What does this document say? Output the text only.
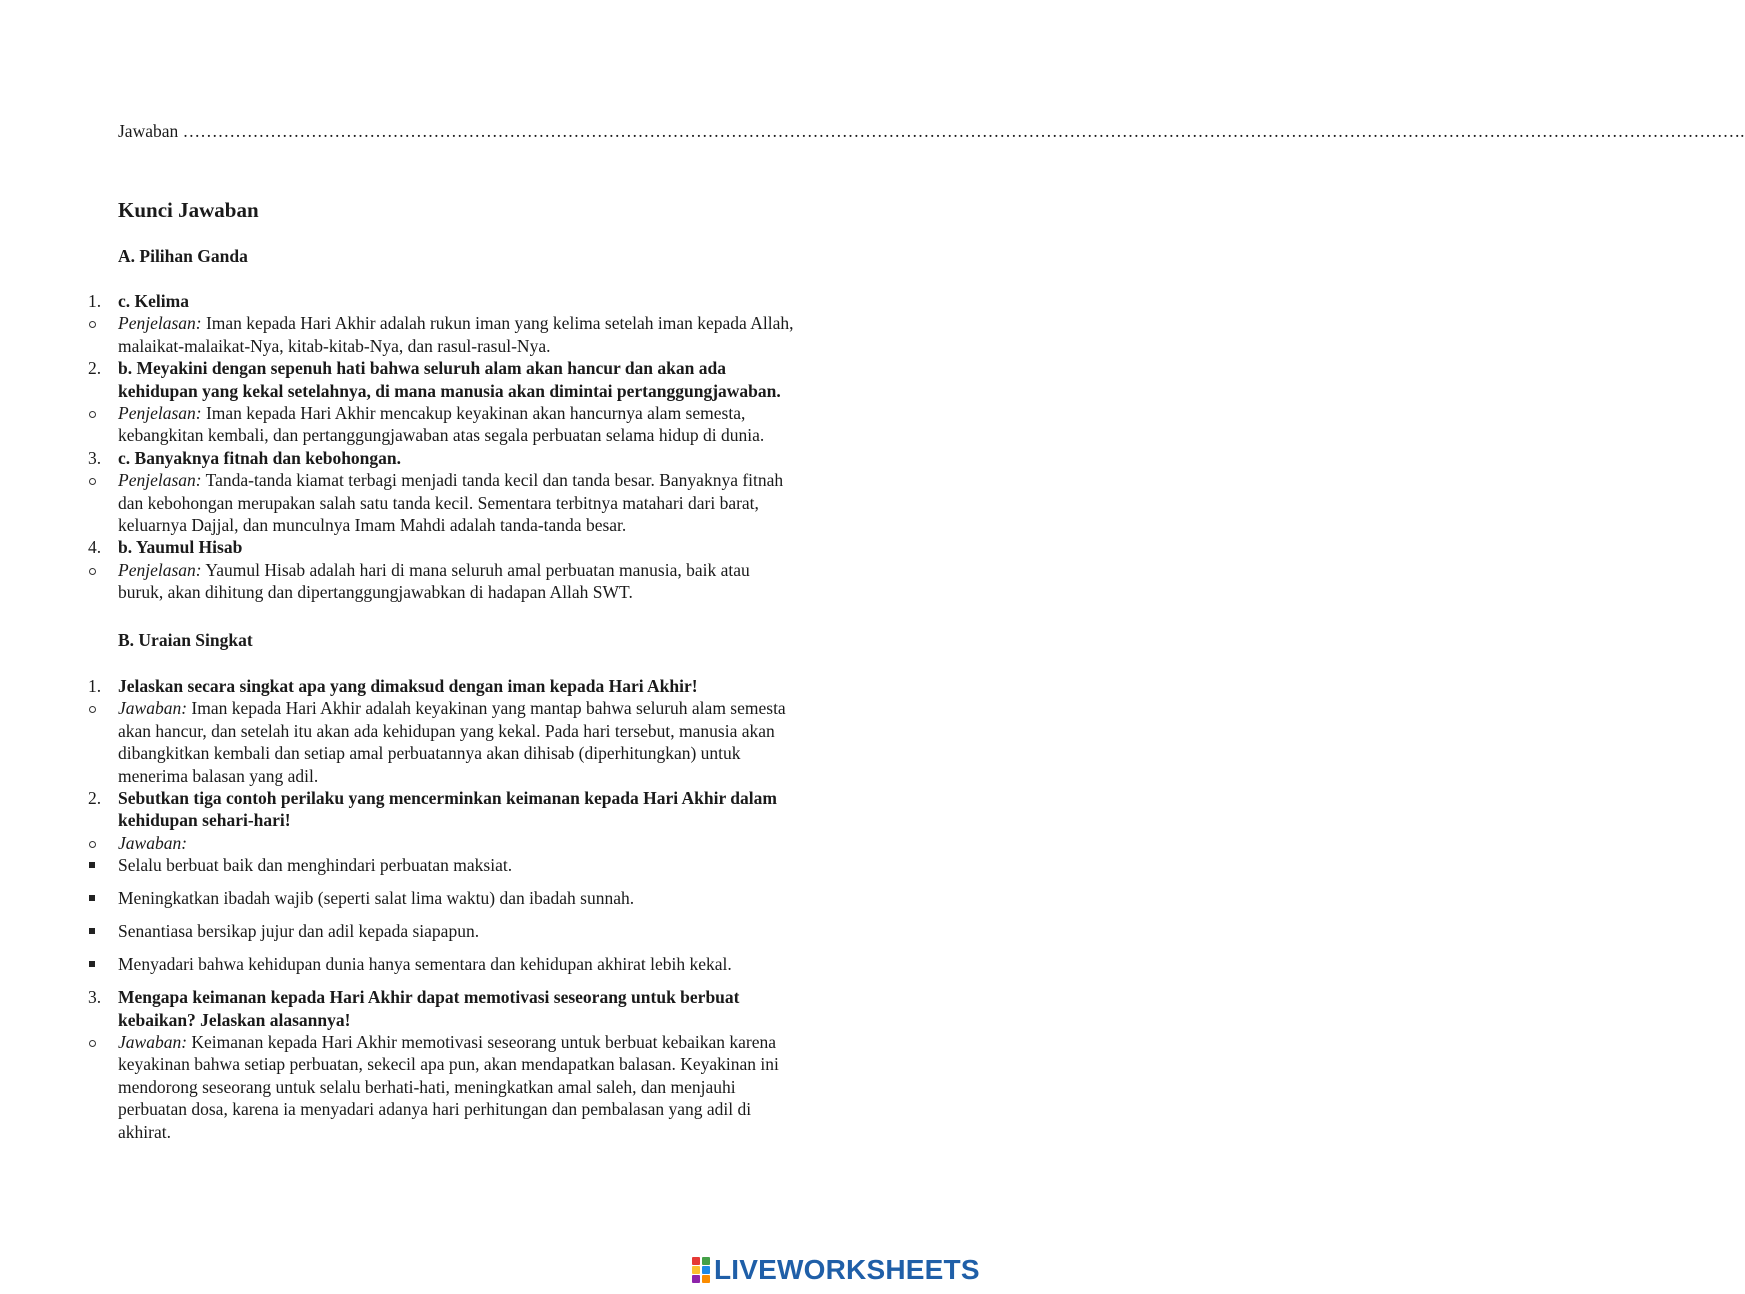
Jawaban …………………………………………………………………………………………………………………………………………………………………………………………………………………………………………….
Kunci Jawaban
A. Pilihan Ganda
1. c. Kelima
Penjelasan: Iman kepada Hari Akhir adalah rukun iman yang kelima setelah iman kepada Allah,
malaikat-malaikat-Nya, kitab-kitab-Nya, dan rasul-rasul-Nya.
2. b. Meyakini dengan sepenuh hati bahwa seluruh alam akan hancur dan akan ada
kehidupan yang kekal setelahnya, di mana manusia akan dimintai pertanggungjawaban.
Penjelasan: Iman kepada Hari Akhir mencakup keyakinan akan hancurnya alam semesta,
kebangkitan kembali, dan pertanggungjawaban atas segala perbuatan selama hidup di dunia.
3. c. Banyaknya fitnah dan kebohongan.
Penjelasan: Tanda-tanda kiamat terbagi menjadi tanda kecil dan tanda besar. Banyaknya fitnah
dan kebohongan merupakan salah satu tanda kecil. Sementara terbitnya matahari dari barat,
keluarnya Dajjal, dan munculnya Imam Mahdi adalah tanda-tanda besar.
4. b. Yaumul Hisab
Penjelasan: Yaumul Hisab adalah hari di mana seluruh amal perbuatan manusia, baik atau
buruk, akan dihitung dan dipertanggungjawabkan di hadapan Allah SWT.
B. Uraian Singkat
1. Jelaskan secara singkat apa yang dimaksud dengan iman kepada Hari Akhir!
Jawaban: Iman kepada Hari Akhir adalah keyakinan yang mantap bahwa seluruh alam semesta
akan hancur, dan setelah itu akan ada kehidupan yang kekal. Pada hari tersebut, manusia akan
dibangkitkan kembali dan setiap amal perbuatannya akan dihisab (diperhitungkan) untuk
menerima balasan yang adil.
2. Sebutkan tiga contoh perilaku yang mencerminkan keimanan kepada Hari Akhir dalam
kehidupan sehari-hari!
Jawaban:
Selalu berbuat baik dan menghindari perbuatan maksiat.
Meningkatkan ibadah wajib (seperti salat lima waktu) dan ibadah sunnah.
Senantiasa bersikap jujur dan adil kepada siapapun.
Menyadari bahwa kehidupan dunia hanya sementara dan kehidupan akhirat lebih kekal.
3. Mengapa keimanan kepada Hari Akhir dapat memotivasi seseorang untuk berbuat
kebaikan? Jelaskan alasannya!
Jawaban: Keimanan kepada Hari Akhir memotivasi seseorang untuk berbuat kebaikan karena
keyakinan bahwa setiap perbuatan, sekecil apa pun, akan mendapatkan balasan. Keyakinan ini
mendorong seseorang untuk selalu berhati-hati, meningkatkan amal saleh, dan menjauhi
perbuatan dosa, karena ia menyadari adanya hari perhitungan dan pembalasan yang adil di
akhirat.
LIVEWORKSHEETS
